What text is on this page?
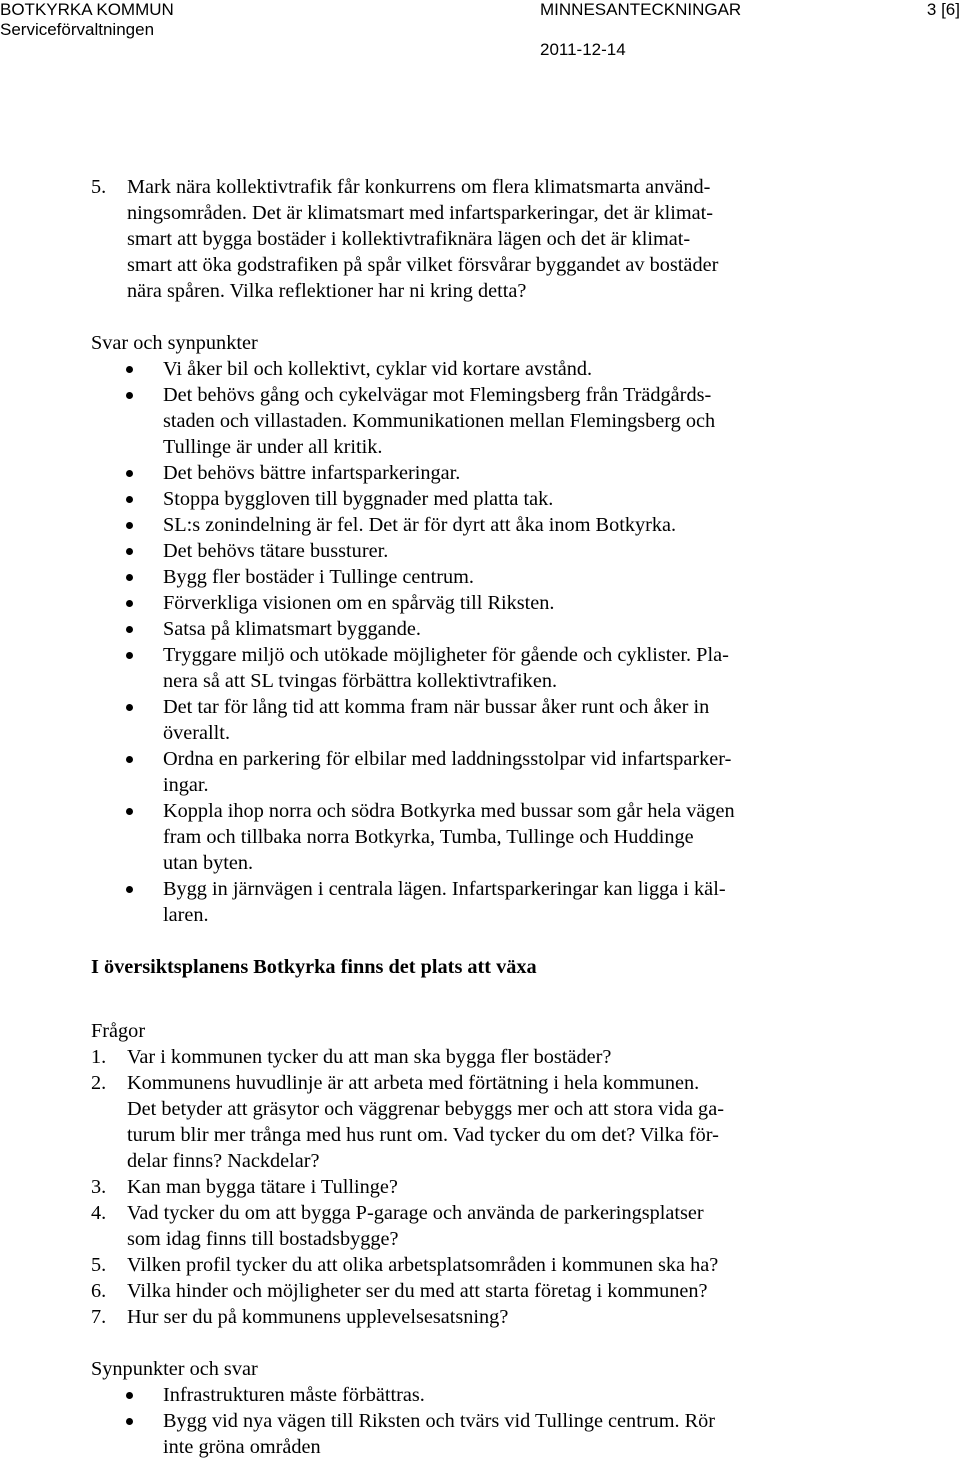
BOTKYRKA KOMMUN
Serviceförvaltningen
MINNESANTECKNINGAR	3 [6]
2011-12-14
5. Mark nära kollektivtrafik får konkurrens om flera klimatsmarta använd-
ningsområden. Det är klimatsmart med infartsparkeringar, det är klimat-
smart att bygga bostäder i kollektivtrafiknära lägen och det är klimat-
smart att öka godstrafiken på spår vilket försvårar byggandet av bostäder
nära spåren. Vilka reflektioner har ni kring detta?

Svar och synpunkter

Vi åker bil och kollektivt, cyklar vid kortare avstånd.
Det behövs gång och cykelvägar mot Flemingsberg från Trädgårds-
staden och villastaden. Kommunikationen mellan Flemingsberg och
Tullinge är under all kritik.
Det behövs bättre infartsparkeringar.
Stoppa byggloven till byggnader med platta tak.
SL:s zonindelning är fel. Det är för dyrt att åka inom Botkyrka.
Det behövs tätare bussturer.
Bygg fler bostäder i Tullinge centrum.
Förverkliga visionen om en spårväg till Riksten.
Satsa på klimatsmart byggande.
Tryggare miljö och utökade möjligheter för gående och cyklister. Pla-
nera så att SL tvingas förbättra kollektivtrafiken.
Det tar för lång tid att komma fram när bussar åker runt och åker in
överallt.
Ordna en parkering för elbilar med laddningsstolpar vid infartsparker-
ingar.
Koppla ihop norra och södra Botkyrka med bussar som går hela vägen
fram och tillbaka norra Botkyrka, Tumba, Tullinge och Huddinge
utan byten.
Bygg in järnvägen i centrala lägen. Infartsparkeringar kan ligga i käl-
laren.

I översiktsplanens Botkyrka finns det plats att växa

Frågor

1. Var i kommunen tycker du att man ska bygga fler bostäder?
2. Kommunens huvudlinje är att arbeta med förtätning i hela kommunen.
Det betyder att gräsytor och väggrenar bebyggs mer och att stora vida ga-
turum blir mer trånga med hus runt om. Vad tycker du om det? Vilka för-
delar finns? Nackdelar?
3. Kan man bygga tätare i Tullinge?
4. Vad tycker du om att bygga P-garage och använda de parkeringsplatser
som idag finns till bostadsbygge?
5. Vilken profil tycker du att olika arbetsplatsområden i kommunen ska ha?
6. Vilka hinder och möjligheter ser du med att starta företag i kommunen?
7. Hur ser du på kommunens upplevelsesatsning?

Synpunkter och svar

Infrastrukturen måste förbättras.
Bygg vid nya vägen till Riksten och tvärs vid Tullinge centrum. Rör
inte gröna områden
